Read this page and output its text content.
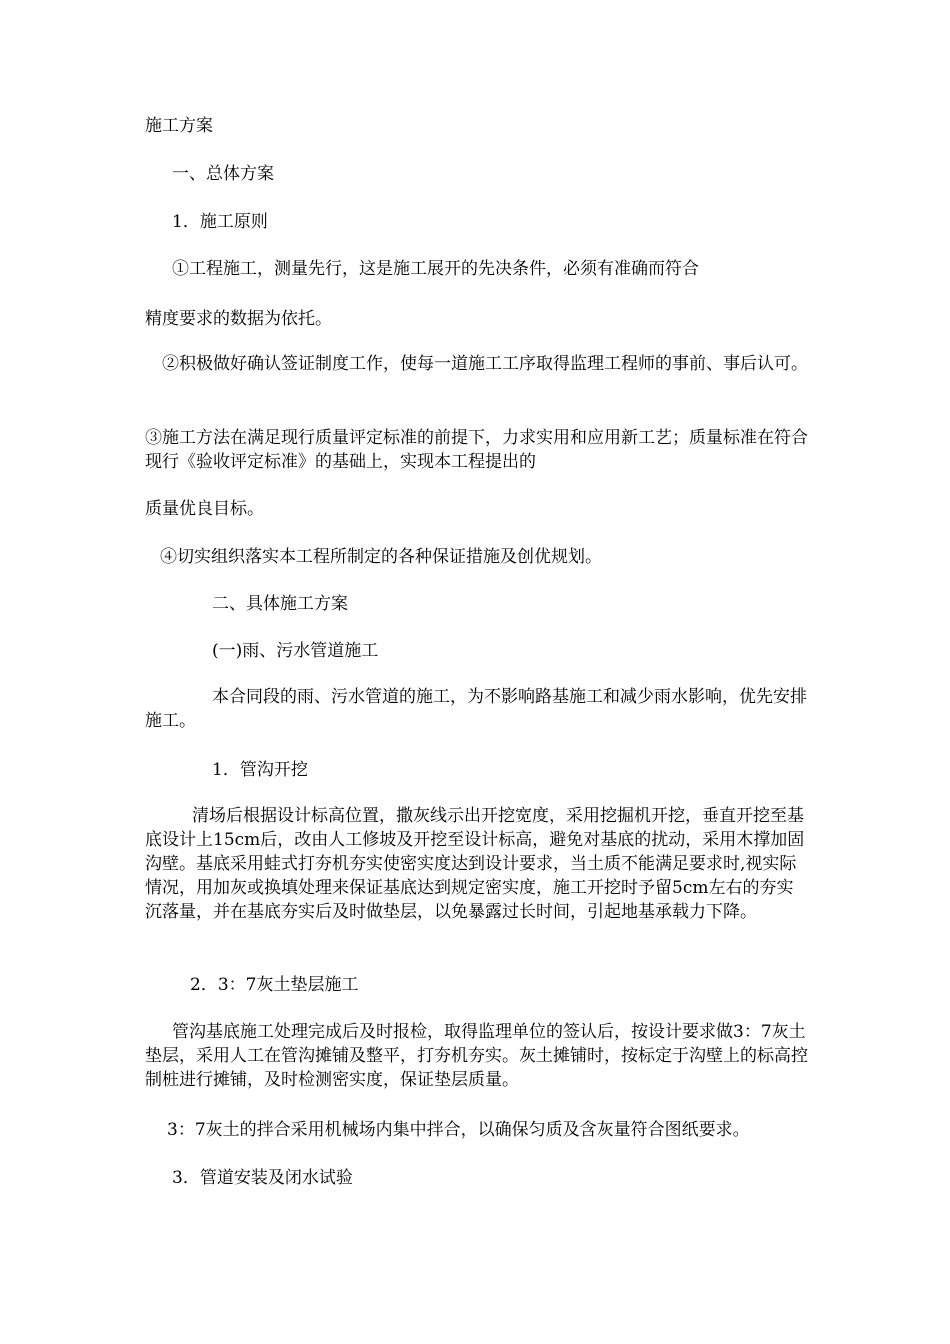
施工方案

一、总体方案

1．施工原则

①工程施工，测量先行，这是施工展开的先决条件，必须有准确而符合

精度要求的数据为依托。

②积极做好确认签证制度工作，使每一道施工工序取得监理工程师的事前、事后认可。

③施工方法在满足现行质量评定标准的前提下，力求实用和应用新工艺；质量标准在符合现行《验收评定标准》的基础上，实现本工程提出的

质量优良目标。

④切实组织落实本工程所制定的各种保证措施及创优规划。

二、具体施工方案

(一)雨、污水管道施工

本合同段的雨、污水管道的施工，为不影响路基施工和减少雨水影响，优先安排施工。

1．管沟开挖

清场后根据设计标高位置，撒灰线示出开挖宽度，采用挖掘机开挖，垂直开挖至基底设计上15cm后，改由人工修坡及开挖至设计标高，避免对基底的扰动，采用木撑加固沟壁。基底采用蛙式打夯机夯实使密实度达到设计要求，当土质不能满足要求时,视实际情况，用加灰或换填处理来保证基底达到规定密实度，施工开挖时予留5cm左右的夯实沉落量，并在基底夯实后及时做垫层，以免暴露过长时间，引起地基承载力下降。

2．3：7灰土垫层施工

管沟基底施工处理完成后及时报检，取得监理单位的签认后，按设计要求做3：7灰土垫层，采用人工在管沟摊铺及整平，打夯机夯实。灰土摊铺时，按标定于沟壁上的标高控制桩进行摊铺，及时检测密实度，保证垫层质量。

3：7灰土的拌合采用机械场内集中拌合，以确保匀质及含灰量符合图纸要求。

3．管道安装及闭水试验
